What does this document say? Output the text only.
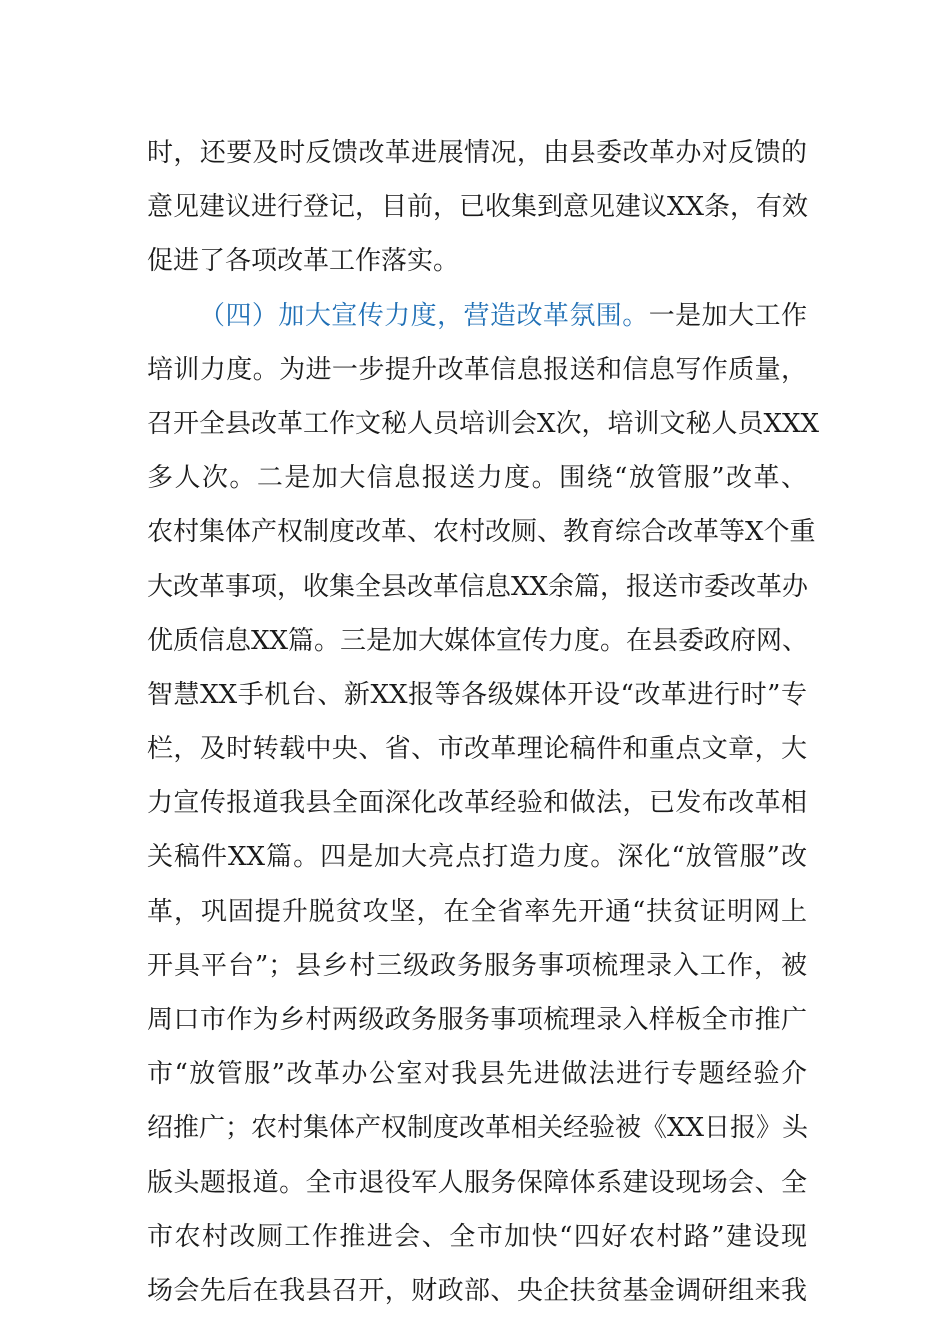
时，还要及时反馈改革进展情况，由县委改革办对反馈的
意见建议进行登记，目前，已收集到意见建议XX条，有效
促进了各项改革工作落实。
（四）加大宣传力度，营造改革氛围。一是加大工作
培训力度。为进一步提升改革信息报送和信息写作质量，
召开全县改革工作文秘人员培训会X次，培训文秘人员XXX
多人次。二是加大信息报送力度。围绕“放管服”改革、
农村集体产权制度改革、农村改厕、教育综合改革等X个重
大改革事项，收集全县改革信息XX余篇，报送市委改革办
优质信息XX篇。三是加大媒体宣传力度。在县委政府网、
智慧XX手机台、新XX报等各级媒体开设“改革进行时”专
栏，及时转载中央、省、市改革理论稿件和重点文章，大
力宣传报道我县全面深化改革经验和做法，已发布改革相
关稿件XX篇。四是加大亮点打造力度。深化“放管服”改
革，巩固提升脱贫攻坚，在全省率先开通“扶贫证明网上
开具平台”；县乡村三级政务服务事项梳理录入工作，被
周口市作为乡村两级政务服务事项梳理录入样板全市推广
市“放管服”改革办公室对我县先进做法进行专题经验介
绍推广；农村集体产权制度改革相关经验被《XX日报》头
版头题报道。全市退役军人服务保障体系建设现场会、全
市农村改厕工作推进会、全市加快“四好农村路”建设现
场会先后在我县召开，财政部、央企扶贫基金调研组来我
